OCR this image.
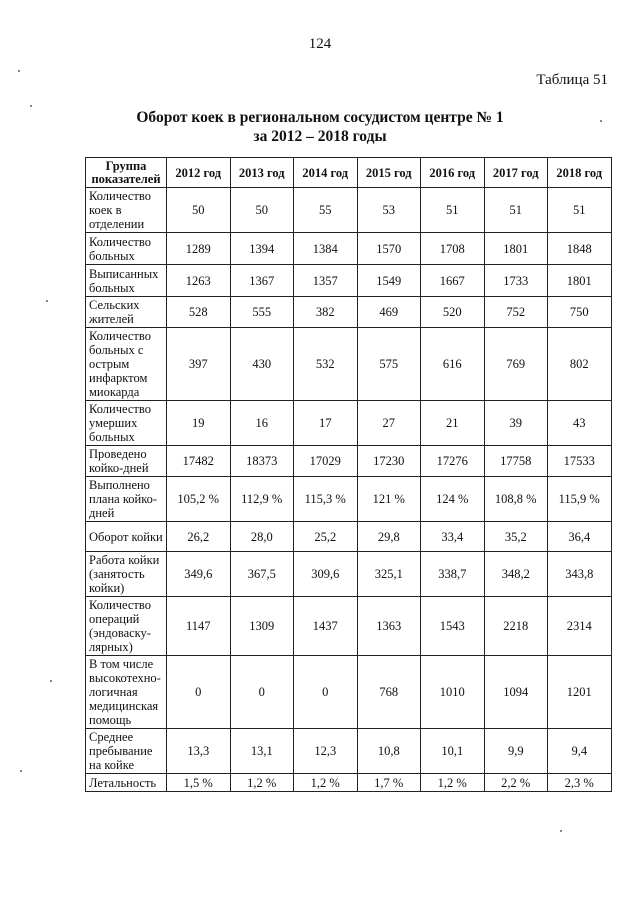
124
Таблица 51
Оборот коек в региональном сосудистом центре № 1
за 2012 – 2018 годы
Группа показателей	2012 год	2013 год	2014 год	2015 год	2016 год	2017 год	2018 год
Количество коек в отделении	50	50	55	53	51	51	51
Количество больных	1289	1394	1384	1570	1708	1801	1848
Выписанных больных	1263	1367	1357	1549	1667	1733	1801
Сельских жителей	528	555	382	469	520	752	750
Количество больных с острым инфарктом миокарда	397	430	532	575	616	769	802
Количество умерших больных	19	16	17	27	21	39	43
Проведено койко-дней	17482	18373	17029	17230	17276	17758	17533
Выполнено плана койко-дней	105,2 %	112,9 %	115,3 %	121 %	124 %	108,8 %	115,9 %
Оборот койки	26,2	28,0	25,2	29,8	33,4	35,2	36,4
Работа койки (занятость койки)	349,6	367,5	309,6	325,1	338,7	348,2	343,8
Количество операций (эндоваску-лярных)	1147	1309	1437	1363	1543	2218	2314
В том числе высокотехно-логичная медицинская помощь	0	0	0	768	1010	1094	1201
Среднее пребывание на койке	13,3	13,1	12,3	10,8	10,1	9,9	9,4
Летальность	1,5 %	1,2 %	1,2 %	1,7 %	1,2 %	2,2 %	2,3 %
